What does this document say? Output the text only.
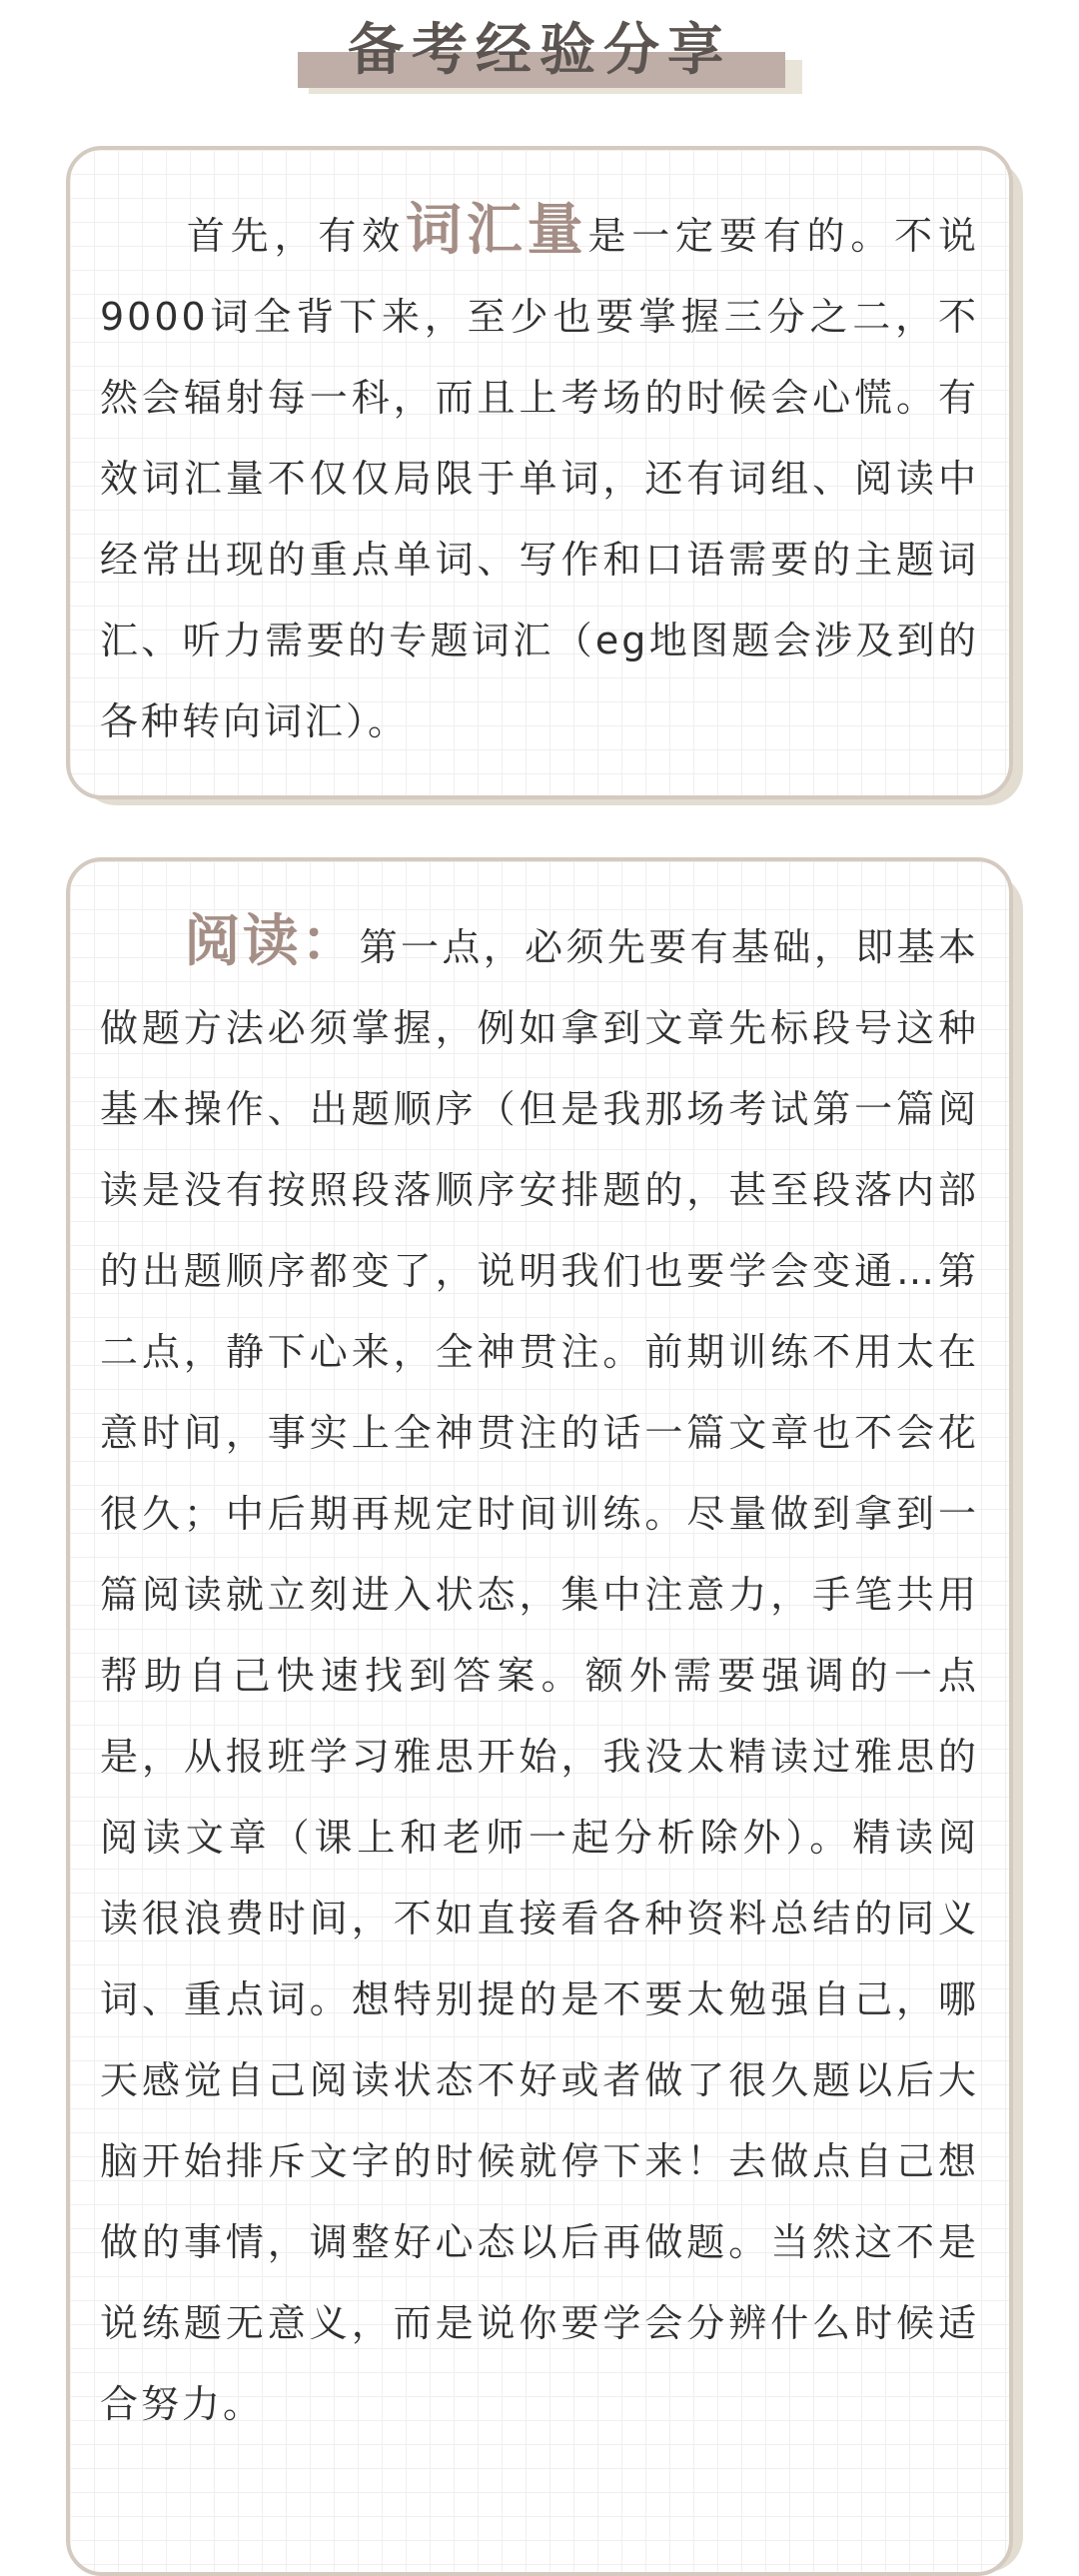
备考经验分享
首先，有效词汇量是一定要有的。不说9000词全背下来，至少也要掌握三分之二，不然会辐射每一科，而且上考场的时候会心慌。有效词汇量不仅仅局限于单词，还有词组、阅读中经常出现的重点单词、写作和口语需要的主题词汇、听力需要的专题词汇（eg地图题会涉及到的各种转向词汇）。
阅读：第一点，必须先要有基础，即基本做题方法必须掌握，例如拿到文章先标段号这种基本操作、出题顺序（但是我那场考试第一篇阅读是没有按照段落顺序安排题的，甚至段落内部的出题顺序都变了，说明我们也要学会变通…第二点，静下心来，全神贯注。前期训练不用太在意时间，事实上全神贯注的话一篇文章也不会花很久；中后期再规定时间训练。尽量做到拿到一篇阅读就立刻进入状态，集中注意力，手笔共用帮助自己快速找到答案。额外需要强调的一点是，从报班学习雅思开始，我没太精读过雅思的阅读文章（课上和老师一起分析除外）。精读阅读很浪费时间，不如直接看各种资料总结的同义词、重点词。想特别提的是不要太勉强自己，哪天感觉自己阅读状态不好或者做了很久题以后大脑开始排斥文字的时候就停下来！去做点自己想做的事情，调整好心态以后再做题。当然这不是说练题无意义，而是说你要学会分辨什么时候适合努力。
